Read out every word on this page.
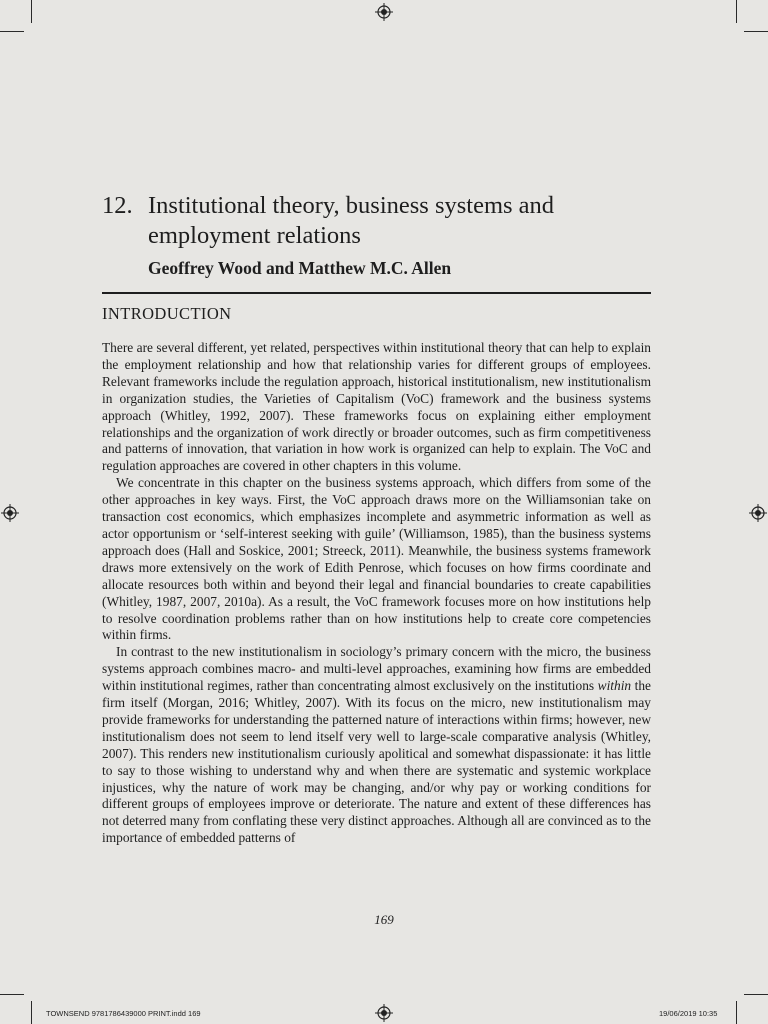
12. Institutional theory, business systems and employment relations

Geoffrey Wood and Matthew M.C. Allen

INTRODUCTION

There are several different, yet related, perspectives within institutional theory that can help to explain the employment relationship and how that relationship varies for different groups of employees. Relevant frameworks include the regulation approach, historical institutionalism, new institutionalism in organization studies, the Varieties of Capitalism (VoC) framework and the business systems approach (Whitley, 1992, 2007). These frameworks focus on explaining either employment relationships and the organization of work directly or broader outcomes, such as firm competitiveness and patterns of innovation, that variation in how work is organized can help to explain. The VoC and regulation approaches are covered in other chapters in this volume.

We concentrate in this chapter on the business systems approach, which differs from some of the other approaches in key ways. First, the VoC approach draws more on the Williamsonian take on transaction cost economics, which emphasizes incomplete and asymmetric information as well as actor opportunism or ‘self-interest seeking with guile’ (Williamson, 1985), than the business systems approach does (Hall and Soskice, 2001; Streeck, 2011). Meanwhile, the business systems framework draws more extensively on the work of Edith Penrose, which focuses on how firms coordinate and allocate resources both within and beyond their legal and financial boundaries to create capabilities (Whitley, 1987, 2007, 2010a). As a result, the VoC framework focuses more on how institutions help to resolve coordination problems rather than on how institutions help to create core competencies within firms.

In contrast to the new institutionalism in sociology’s primary concern with the micro, the business systems approach combines macro- and multi-level approaches, examining how firms are embedded within institutional regimes, rather than concentrating almost exclusively on the institutions within the firm itself (Morgan, 2016; Whitley, 2007). With its focus on the micro, new institutionalism may provide frameworks for understanding the patterned nature of interactions within firms; however, new institutionalism does not seem to lend itself very well to large-scale comparative analysis (Whitley, 2007). This renders new institutionalism curiously apolitical and somewhat dispassionate: it has little to say to those wishing to understand why and when there are systematic and systemic workplace injustices, why the nature of work may be changing, and/or why pay or working conditions for different groups of employees improve or deteriorate. The nature and extent of these differences has not deterred many from conflating these very distinct approaches. Although all are convinced as to the importance of embedded patterns of

169
TOWNSEND 9781786439000 PRINT.indd 169	19/06/2019 10:35
